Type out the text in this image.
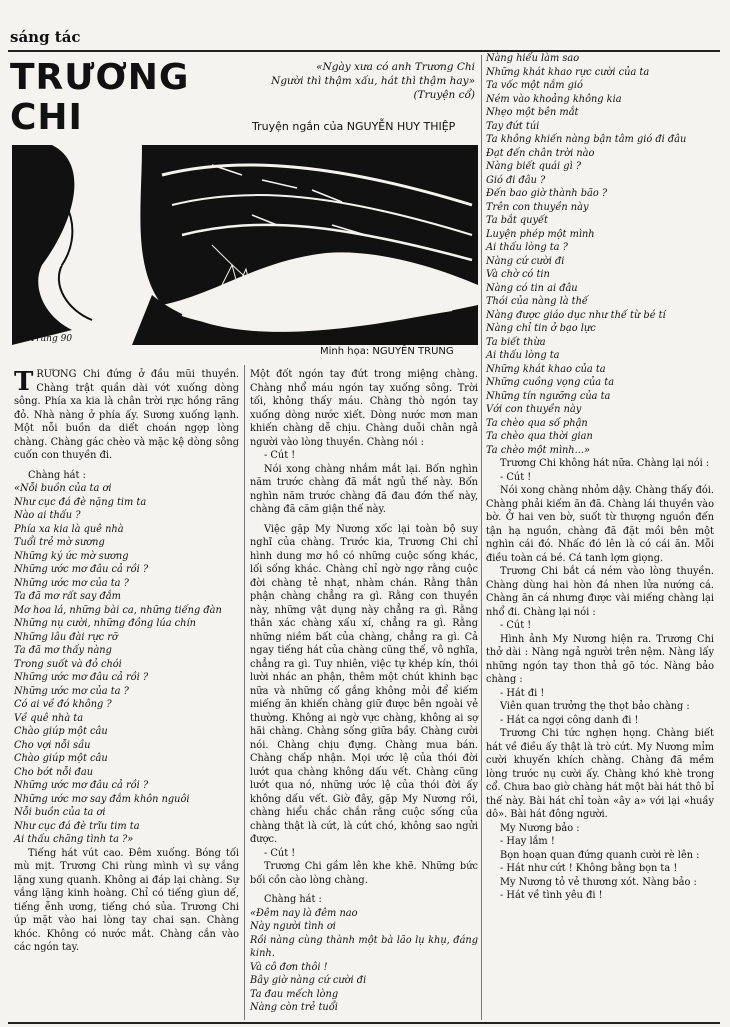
sáng tác
TRƯƠNG
CHI
«Ngày xưa có anh Trương Chi
Người thì thậm xấu, hát thì thậm hay»
(Truyện cổ)
Truyện ngắn của NGUYỄN HUY THIỆP
M.Trung 90
Minh họa: NGUYỄN TRUNG

TRƯƠNG Chi đứng ở đầu mũi thuyền. Chàng trật quần dài vớt xuống dòng sông. Phía xa kia là chân trời rực hồng rãng đỏ. Nhà nàng ở phía ấy. Sương xuống lạnh. Một nỗi buồn da diết choán ngợp lòng chàng. Chàng gác chèo và mặc kệ dòng sông cuốn con thuyền đi.

Chàng hát :

«Nỗi buồn của ta ơi

Như cục đá đè nặng tim ta

Nào ai thấu ?

Phía xa kia là quê nhà

Tuổi trẻ mờ sương

Những ký ức mờ sương

Những ước mơ đâu cả rồi ?

Những ước mơ của ta ?

Ta đã mơ rất say đắm

Mơ hoa lá, những bài ca, những tiếng đàn

Những nụ cười, những đồng lúa chín

Những lâu đài rực rỡ

Ta đã mơ thấy nàng

Trong suốt và đỏ chói

Những ước mơ đâu cả rồi ?

Những ước mơ của ta ?

Có ai về đó không ?

Về quê nhà ta

Chào giúp một câu

Cho vợi nỗi sầu

Chào giúp một câu

Cho bớt nỗi đau

Những ước mơ đâu cả rồi ?

Những ước mơ say đắm khôn nguôi

Nỗi buồn của ta ơi

Như cục đá đè trĩu tim ta

Ai thấu chăng tình ta ?»

Tiếng hát vút cao. Đêm xuống. Bóng tối mù mịt. Trương Chi rùng mình vì sự vắng lặng xung quanh. Không ai đáp lại chàng. Sự vắng lặng kinh hoàng. Chỉ có tiếng gìun dế, tiếng ễnh ương, tiếng chó sủa. Trương Chi úp mặt vào hai lòng tay chai sạn. Chàng khóc. Không có nước mắt. Chàng cắn vào các ngón tay.

Một đốt ngón tay đứt trong miệng chàng. Chàng nhổ máu ngón tay xuống sông. Trời tối, không thấy máu. Chàng thò ngón tay xuống dòng nước xiết. Dòng nước mơn man khiến chàng dễ chịu. Chàng duỗi chân ngả người vào lòng thuyền. Chàng nói :

- Cút !

Nói xong chàng nhắm mắt lại. Bốn nghìn năm trước chàng đã mắt ngủ thế này. Bốn nghìn năm trước chàng đã đau đớn thế này, chàng đã căm giận thế này.

Việc gặp My Nương xốc lại toàn bộ suy nghĩ của chàng. Trước kia, Trương Chi chỉ hình dung mơ hồ có những cuộc sống khác, lối sống khác. Chàng chỉ ngờ ngợ rằng cuộc đời chàng tẻ nhạt, nhàm chán. Rằng thân phận chàng chẳng ra gì. Rằng con thuyền này, những vật dụng này chẳng ra gì. Rằng thân xác chàng xấu xí, chẳng ra gì. Rằng những niềm bất của chàng, chẳng ra gì. Cả ngay tiếng hát của chàng cũng thế, vô nghĩa, chẳng ra gì. Tuy nhiên, việc tự khép kín, thói lười nhác an phận, thêm một chút khinh bạc nữa và những cố gắng không mỏi để kiếm miếng ăn khiến chàng giữ được bên ngoài vẻ thường. Không ai ngờ vực chàng, không ai sợ hãi chàng. Chàng sống giữa bầy. Chàng cười nói. Chàng chịu đựng. Chàng mua bán. Chàng chấp nhận. Mọi ước lệ của thói đời lướt qua chàng không dấu vết. Chàng cũng lướt qua nó, những ước lệ của thói đời ấy không dấu vết. Giờ đây, gặp My Nương rồi, chàng hiểu chắc chắn rằng cuộc sống của chàng thật là cứt, là cứt chó, không sao ngửi được.

- Cút !

Trương Chi gầm lên khe khẽ. Những bức bối cồn cào lòng chàng.

Chàng hát :

«Đêm nay là đêm nao

Này người tình ơi

Rồi nàng cùng thành một bà lão lụ khụ, đáng kinh.

Và cô đơn thôi !

Bây giờ nàng cứ cười đi

Ta đau mếch lòng

Nàng còn trẻ tuổi

Nàng hiểu làm sao

Những khát khao rực cười của ta

Ta vốc một nắm gió

Ném vào khoảng không kia

Nhẹo một bên mắt

Tay đứt túi

Ta không khiến nàng bận tâm gió đi đâu

Đạt đến chân trời nào

Nàng biết quái gì ?

Gió đi đâu ?

Đến bao giờ thành bão ?

Trên con thuyền này

Ta bắt quyết

Luyện phép một mình

Ai thấu lòng ta ?

Nàng cứ cười đi

Và chờ có tin

Nàng có tin ai đâu

Thói của nàng là thế

Nàng được giáo dục như thế từ bé tí

Nàng chỉ tin ở bạo lực

Ta biết thừa

Ai thấu lòng ta

Những khát khao của ta

Những cuồng vọng của ta

Những tín ngưỡng của ta

Với con thuyền này

Ta chèo qua số phận

Ta chèo qua thời gian

Ta chèo một mình...»

Trương Chi không hát nữa. Chàng lại nói :

- Cút !

Nói xong chàng nhỏm dậy. Chàng thấy đói. Chàng phải kiếm ăn đã. Chàng lái thuyền vào bờ. Ở hai ven bờ, suốt từ thượng nguồn đến tận hạ nguồn, chàng đã đặt mồi bên một nghìn cái đó. Nhấc đó lên là có cái ăn. Mỗi điều toàn cá bé. Cá tanh lợm giọng.

Trương Chi bắt cá ném vào lòng thuyền. Chàng dùng hai hòn đá nhen lửa nướng cá. Chàng ăn cá nhưng được vài miếng chàng lại nhổ đi. Chàng lại nói :

- Cút !

Hình ảnh My Nương hiện ra. Trương Chi thở dài : Nàng ngả người trên nệm. Nàng lấy những ngón tay thon thả gõ tóc. Nàng bảo chàng :

- Hát đi !

Viên quan trưởng thẹ thọt bảo chàng :

- Hát ca ngợi công danh đi !

Trương Chi tức nghẹn họng. Chàng biết hát về điều ấy thật là trò cứt. My Nương mỉm cười khuyến khích chàng. Chàng đã mềm lòng trước nụ cười ấy. Chàng khó khè trong cổ. Chưa bao giờ chàng hát một bài hát thô bỉ thế này. Bài hát chỉ toàn «ây a» với lại «huầy dô». Bài hát đông người.

My Nương bảo :

- Hay lắm !

Bọn hoạn quan đứng quanh cười rè lên :

- Hát như cứt ! Không bằng bọn ta !

My Nương tỏ vẻ thương xót. Nàng bảo :

- Hát về tình yêu đi !
